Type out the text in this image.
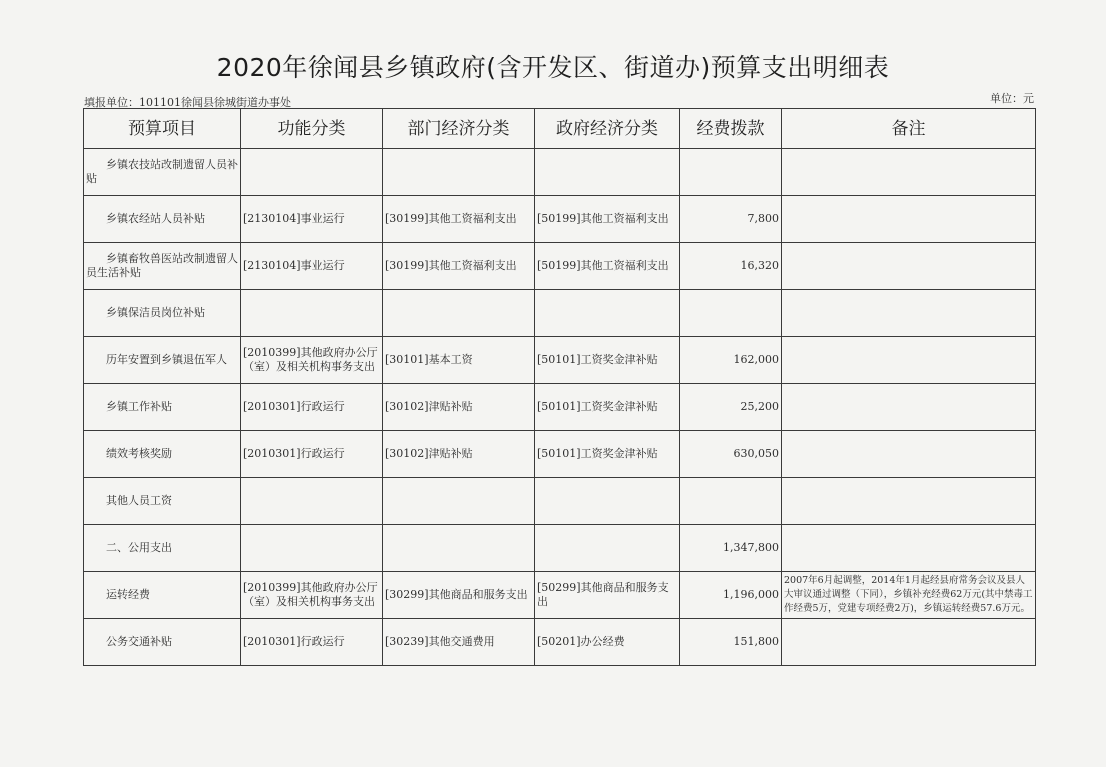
2020年徐闻县乡镇政府(含开发区、街道办)预算支出明细表
填报单位：101101徐闻县徐城街道办事处	单位：元
预算项目	功能分类	部门经济分类	政府经济分类	经费拨款	备注
乡镇农技站改制遗留人员补贴					
乡镇农经站人员补贴	[2130104]事业运行	[30199]其他工资福利支出	[50199]其他工资福利支出	7,800	
乡镇畜牧兽医站改制遗留人员生活补贴	[2130104]事业运行	[30199]其他工资福利支出	[50199]其他工资福利支出	16,320	
乡镇保洁员岗位补贴					
历年安置到乡镇退伍军人	[2010399]其他政府办公厅（室）及相关机构事务支出	[30101]基本工资	[50101]工资奖金津补贴	162,000	
乡镇工作补贴	[2010301]行政运行	[30102]津贴补贴	[50101]工资奖金津补贴	25,200	
绩效考核奖励	[2010301]行政运行	[30102]津贴补贴	[50101]工资奖金津补贴	630,050	
其他人员工资					
二、公用支出				1,347,800	
运转经费	[2010399]其他政府办公厅（室）及相关机构事务支出	[30299]其他商品和服务支出	[50299]其他商品和服务支出	1,196,000	2007年6月起调整，2014年1月起经县府常务会议及县人大审议通过调整（下同），乡镇补充经费62万元(其中禁毒工作经费5万，党建专项经费2万)，乡镇运转经费57.6万元。
公务交通补贴	[2010301]行政运行	[30239]其他交通费用	[50201]办公经费	151,800	
